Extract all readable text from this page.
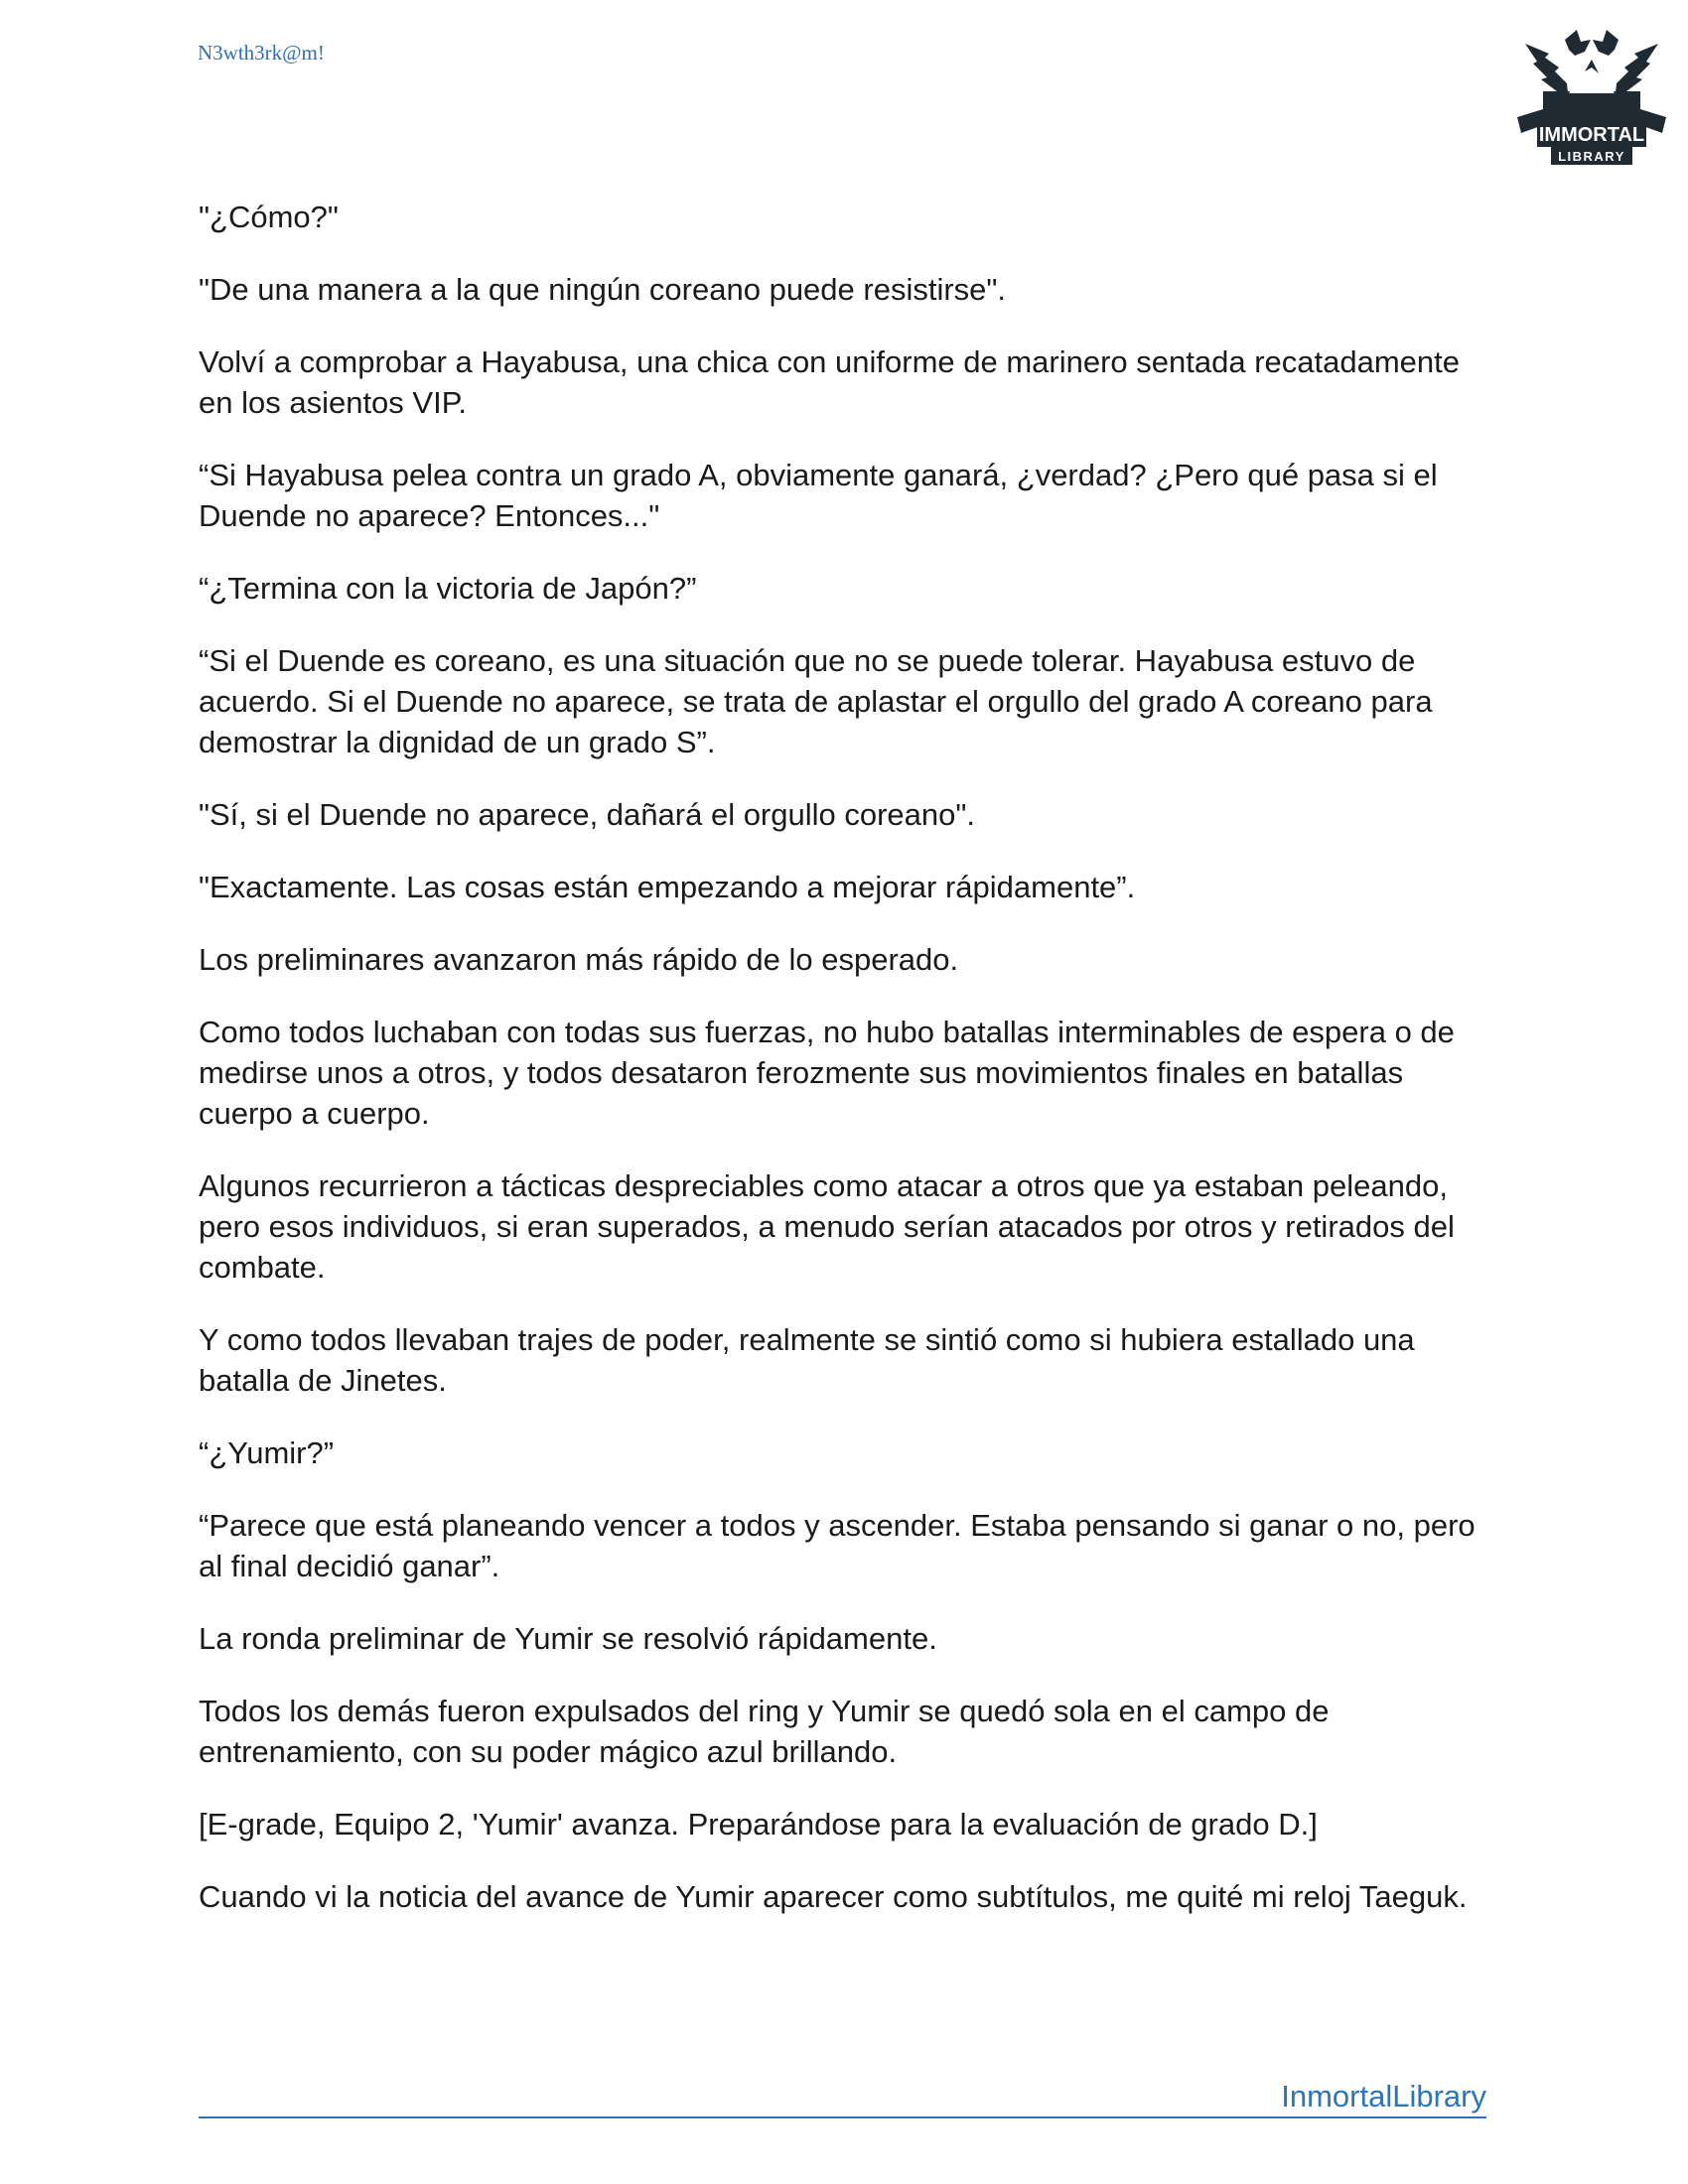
N3wth3rk@m!
IMMORTAL
LIBRARY

"¿Cómo?"

"De una manera a la que ningún coreano puede resistirse".

Volví a comprobar a Hayabusa, una chica con uniforme de marinero sentada recatadamente en los asientos VIP.

“Si Hayabusa pelea contra un grado A, obviamente ganará, ¿verdad? ¿Pero qué pasa si el Duende no aparece? Entonces..."

“¿Termina con la victoria de Japón?”

“Si el Duende es coreano, es una situación que no se puede tolerar. Hayabusa estuvo de acuerdo. Si el Duende no aparece, se trata de aplastar el orgullo del grado A coreano para demostrar la dignidad de un grado S”.

"Sí, si el Duende no aparece, dañará el orgullo coreano".

"Exactamente. Las cosas están empezando a mejorar rápidamente”.

Los preliminares avanzaron más rápido de lo esperado.

Como todos luchaban con todas sus fuerzas, no hubo batallas interminables de espera o de medirse unos a otros, y todos desataron ferozmente sus movimientos finales en batallas cuerpo a cuerpo.

Algunos recurrieron a tácticas despreciables como atacar a otros que ya estaban peleando, pero esos individuos, si eran superados, a menudo serían atacados por otros y retirados del combate.

Y como todos llevaban trajes de poder, realmente se sintió como si hubiera estallado una batalla de Jinetes.

“¿Yumir?”

“Parece que está planeando vencer a todos y ascender. Estaba pensando si ganar o no, pero al final decidió ganar”.

La ronda preliminar de Yumir se resolvió rápidamente.

Todos los demás fueron expulsados del ring y Yumir se quedó sola en el campo de entrenamiento, con su poder mágico azul brillando.

[E-grade, Equipo 2, 'Yumir' avanza. Preparándose para la evaluación de grado D.]

Cuando vi la noticia del avance de Yumir aparecer como subtítulos, me quité mi reloj Taeguk.

InmortalLibrary
